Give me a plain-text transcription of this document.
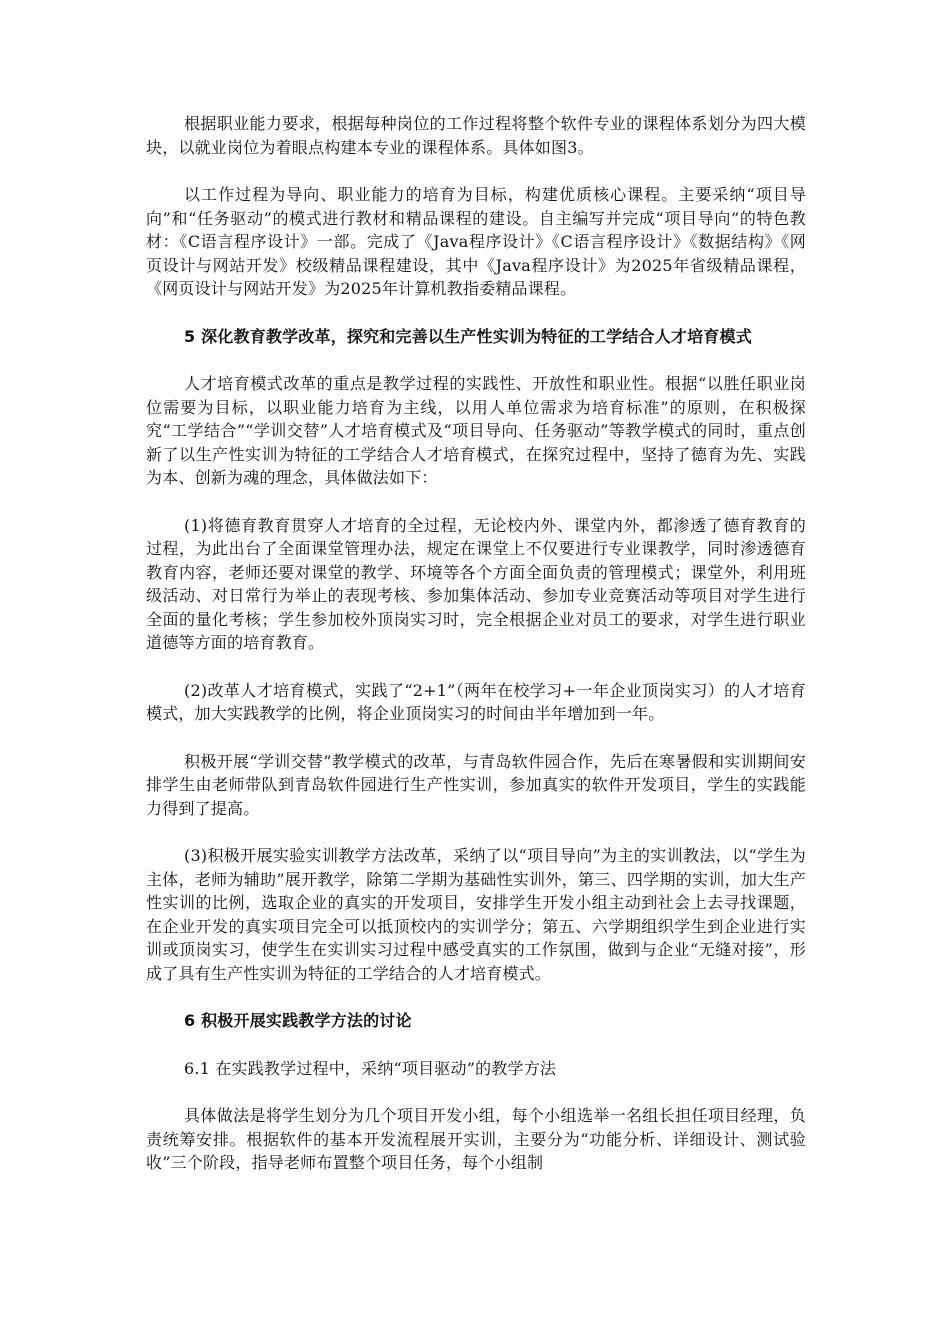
根据职业能力要求，根据每种岗位的工作过程将整个软件专业的课程体系划分为四大模块，以就业岗位为着眼点构建本专业的课程体系。具体如图3。

以工作过程为导向、职业能力的培育为目标，构建优质核心课程。主要采纳“项目导向”和“任务驱动”的模式进行教材和精品课程的建设。自主编写并完成“项目导向”的特色教材：《C语言程序设计》一部。完成了《Java程序设计》《C语言程序设计》《数据结构》《网页设计与网站开发》校级精品课程建设，其中《Java程序设计》为2025年省级精品课程，《网页设计与网站开发》为2025年计算机教指委精品课程。

5 深化教育教学改革，探究和完善以生产性实训为特征的工学结合人才培育模式

人才培育模式改革的重点是教学过程的实践性、开放性和职业性。根据“以胜任职业岗位需要为目标，以职业能力培育为主线，以用人单位需求为培育标准”的原则，在积极探究“工学结合”“学训交替”人才培育模式及“项目导向、任务驱动”等教学模式的同时，重点创新了以生产性实训为特征的工学结合人才培育模式，在探究过程中，坚持了德育为先、实践为本、创新为魂的理念，具体做法如下：

(1)将德育教育贯穿人才培育的全过程，无论校内外、课堂内外，都渗透了德育教育的过程，为此出台了全面课堂管理办法，规定在课堂上不仅要进行专业课教学，同时渗透德育教育内容，老师还要对课堂的教学、环境等各个方面全面负责的管理模式；课堂外，利用班级活动、对日常行为举止的表现考核、参加集体活动、参加专业竞赛活动等项目对学生进行全面的量化考核；学生参加校外顶岗实习时，完全根据企业对员工的要求，对学生进行职业道德等方面的培育教育。

(2)改革人才培育模式，实践了“2+1”（两年在校学习+一年企业顶岗实习）的人才培育模式，加大实践教学的比例，将企业顶岗实习的时间由半年增加到一年。

积极开展“学训交替”教学模式的改革，与青岛软件园合作，先后在寒暑假和实训期间安排学生由老师带队到青岛软件园进行生产性实训，参加真实的软件开发项目，学生的实践能力得到了提高。

(3)积极开展实验实训教学方法改革，采纳了以“项目导向”为主的实训教法，以“学生为主体，老师为辅助”展开教学，除第二学期为基础性实训外，第三、四学期的实训，加大生产性实训的比例，选取企业的真实的开发项目，安排学生开发小组主动到社会上去寻找课题，在企业开发的真实项目完全可以抵顶校内的实训学分；第五、六学期组织学生到企业进行实训或顶岗实习，使学生在实训实习过程中感受真实的工作氛围，做到与企业“无缝对接”，形成了具有生产性实训为特征的工学结合的人才培育模式。

6 积极开展实践教学方法的讨论

6.1 在实践教学过程中，采纳“项目驱动”的教学方法

具体做法是将学生划分为几个项目开发小组，每个小组选举一名组长担任项目经理，负责统筹安排。根据软件的基本开发流程展开实训，主要分为“功能分析、详细设计、测试验收”三个阶段，指导老师布置整个项目任务，每个小组制
